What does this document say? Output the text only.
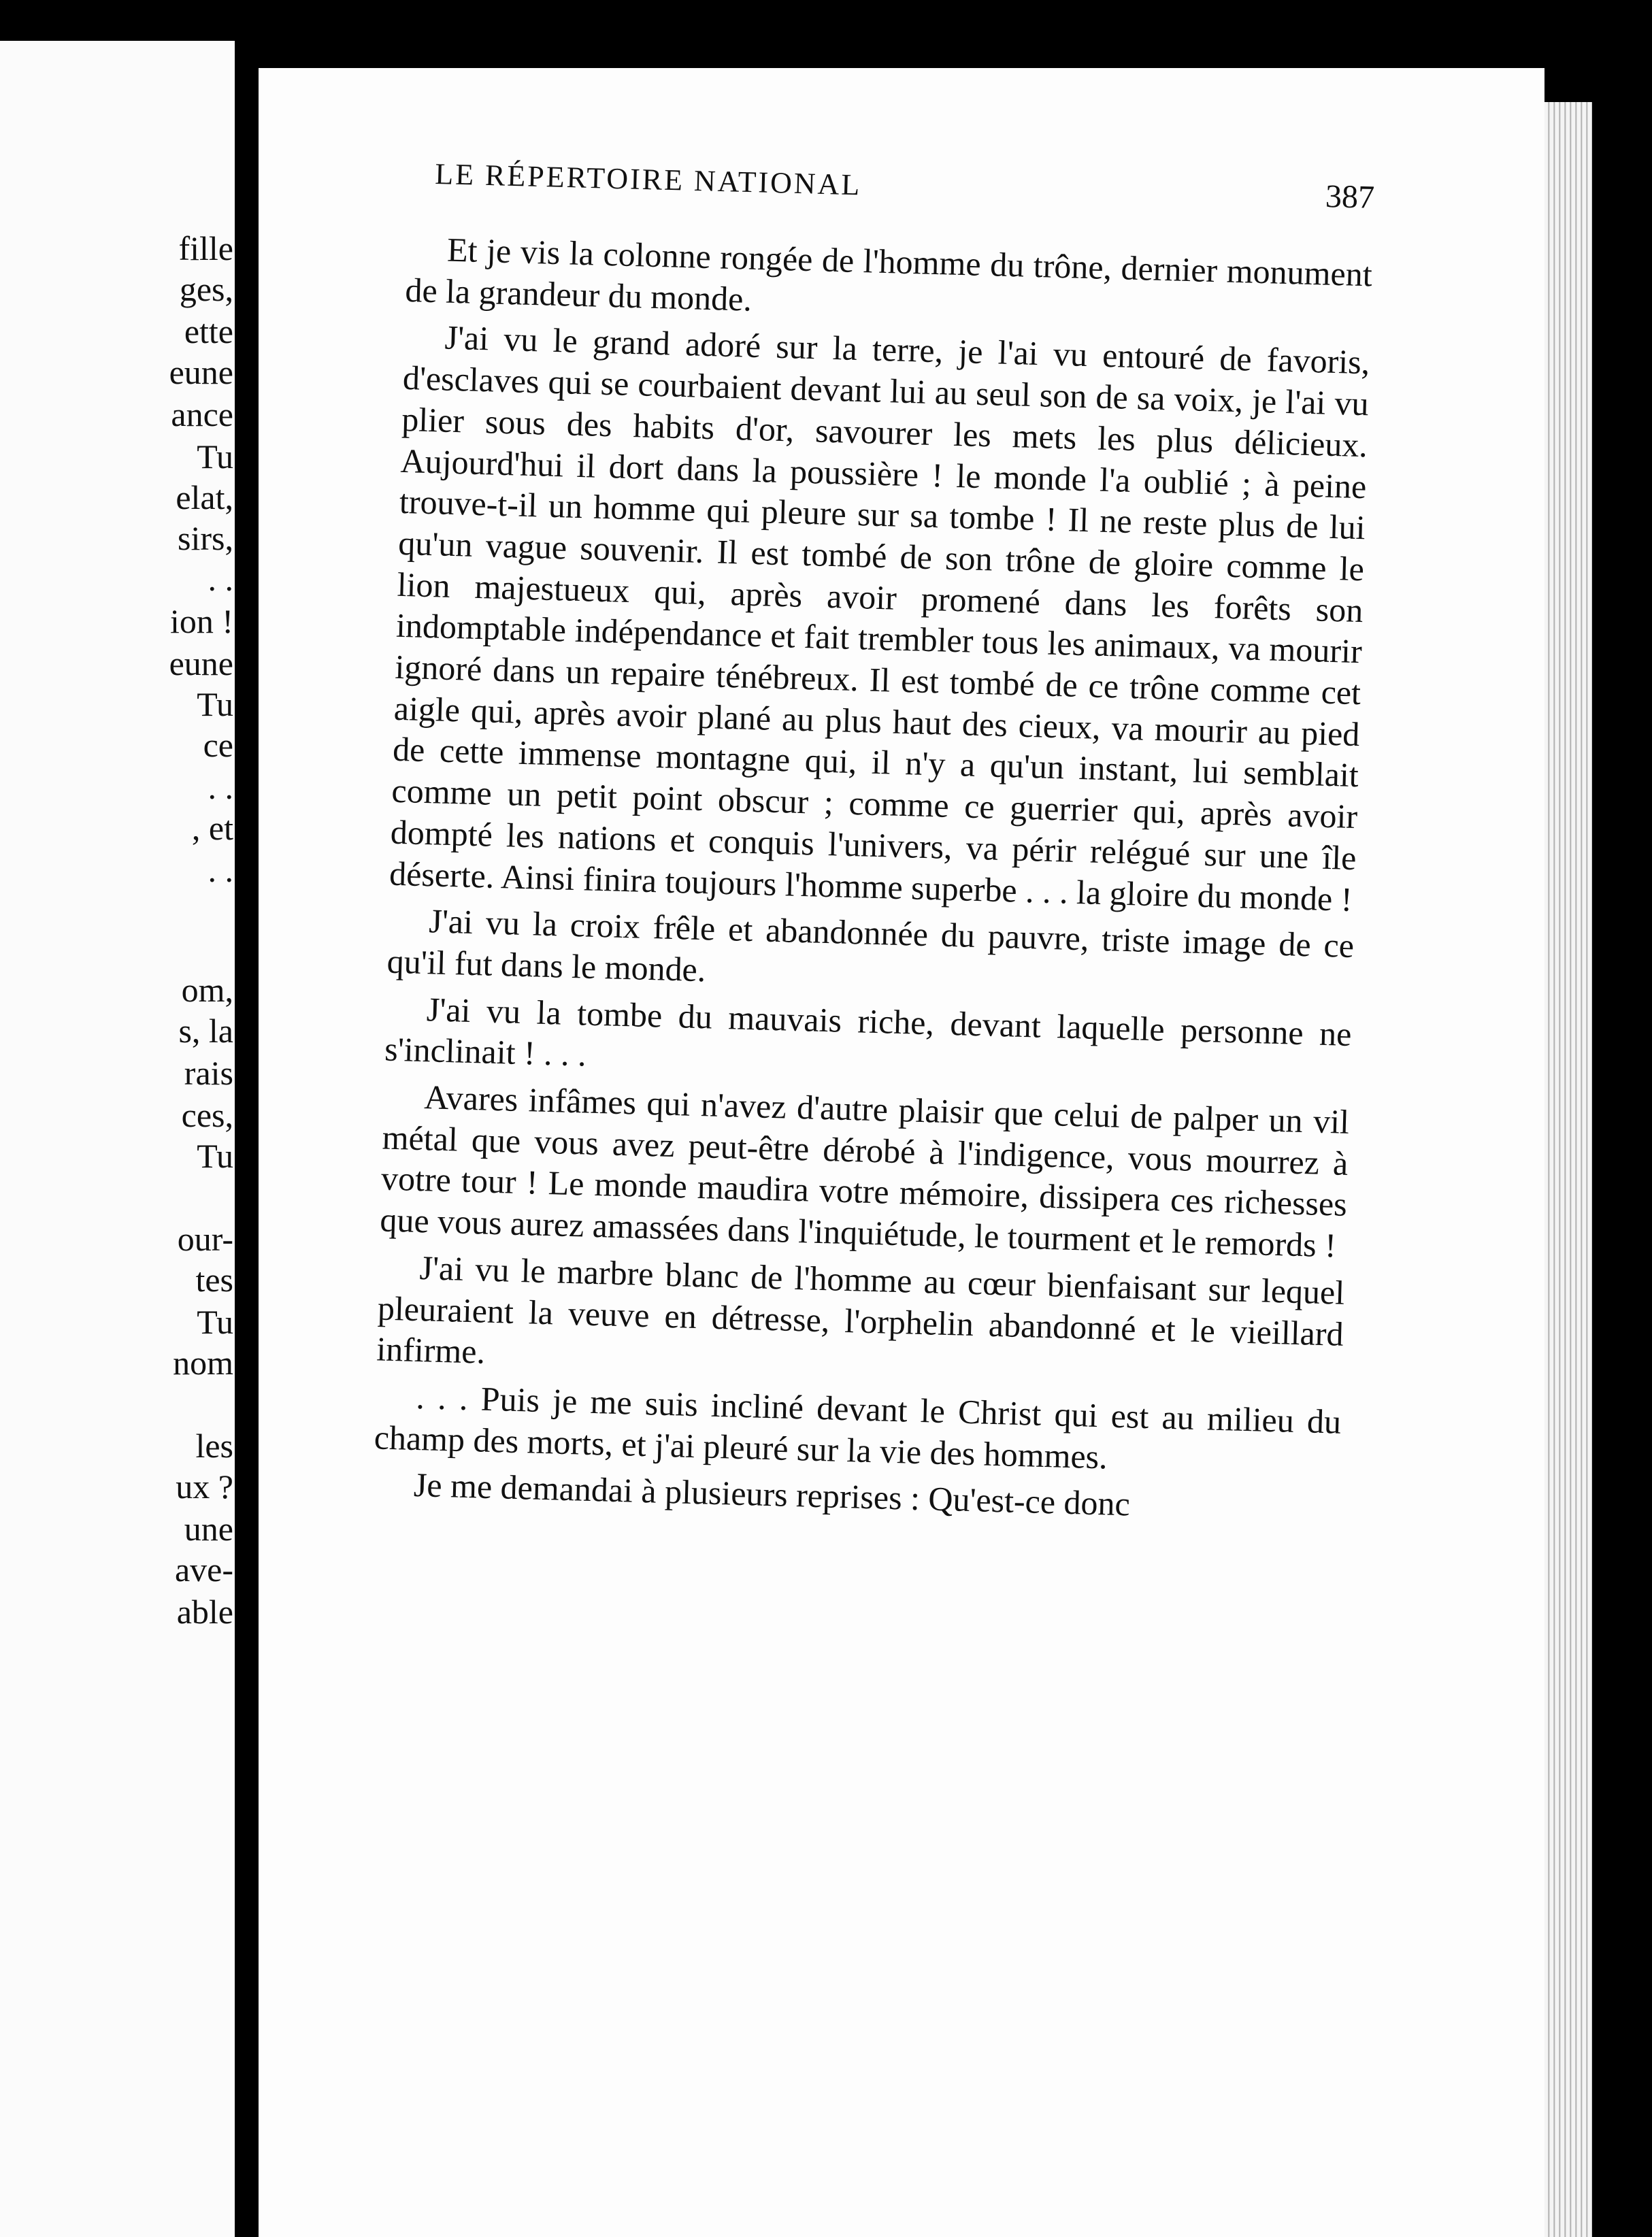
fille
ges,
ette
eune
ance
Tu
elat,
sirs,
. .
ion !
eune
Tu
ce
. .
, et
. .
om,
s, la
rais
ces,
Tu
our-
tes
Tu
nom
les
ux ?
une
ave-
able
LE RÉPERTOIRE NATIONAL	387

Et je vis la colonne rongée de l'homme du trône, dernier monument de la grandeur du monde.

J'ai vu le grand adoré sur la terre, je l'ai vu entouré de favoris, d'esclaves qui se courbaient devant lui au seul son de sa voix, je l'ai vu plier sous des habits d'or, savourer les mets les plus délicieux. Aujourd'hui il dort dans la poussière ! le monde l'a oublié ; à peine trouve-t-il un homme qui pleure sur sa tombe ! Il ne reste plus de lui qu'un vague souvenir. Il est tombé de son trône de gloire comme le lion majestueux qui, après avoir promené dans les forêts son indomptable indépendance et fait trembler tous les animaux, va mourir ignoré dans un repaire ténébreux. Il est tombé de ce trône comme cet aigle qui, après avoir plané au plus haut des cieux, va mourir au pied de cette immense montagne qui, il n'y a qu'un instant, lui semblait comme un petit point obscur ; comme ce guerrier qui, après avoir dompté les nations et conquis l'univers, va périr relégué sur une île déserte. Ainsi finira toujours l'homme superbe . . . la gloire du monde !

J'ai vu la croix frêle et abandonnée du pauvre, triste image de ce qu'il fut dans le monde.

J'ai vu la tombe du mauvais riche, devant laquelle personne ne s'inclinait ! . . .

Avares infâmes qui n'avez d'autre plaisir que celui de palper un vil métal que vous avez peut-être dérobé à l'indigence, vous mourrez à votre tour ! Le monde maudira votre mémoire, dissipera ces richesses que vous aurez amassées dans l'inquiétude, le tourment et le remords !

J'ai vu le marbre blanc de l'homme au cœur bienfaisant sur lequel pleuraient la veuve en détresse, l'orphelin abandonné et le vieillard infirme.

. . . Puis je me suis incliné devant le Christ qui est au milieu du champ des morts, et j'ai pleuré sur la vie des hommes.

Je me demandai à plusieurs reprises : Qu'est-ce donc
